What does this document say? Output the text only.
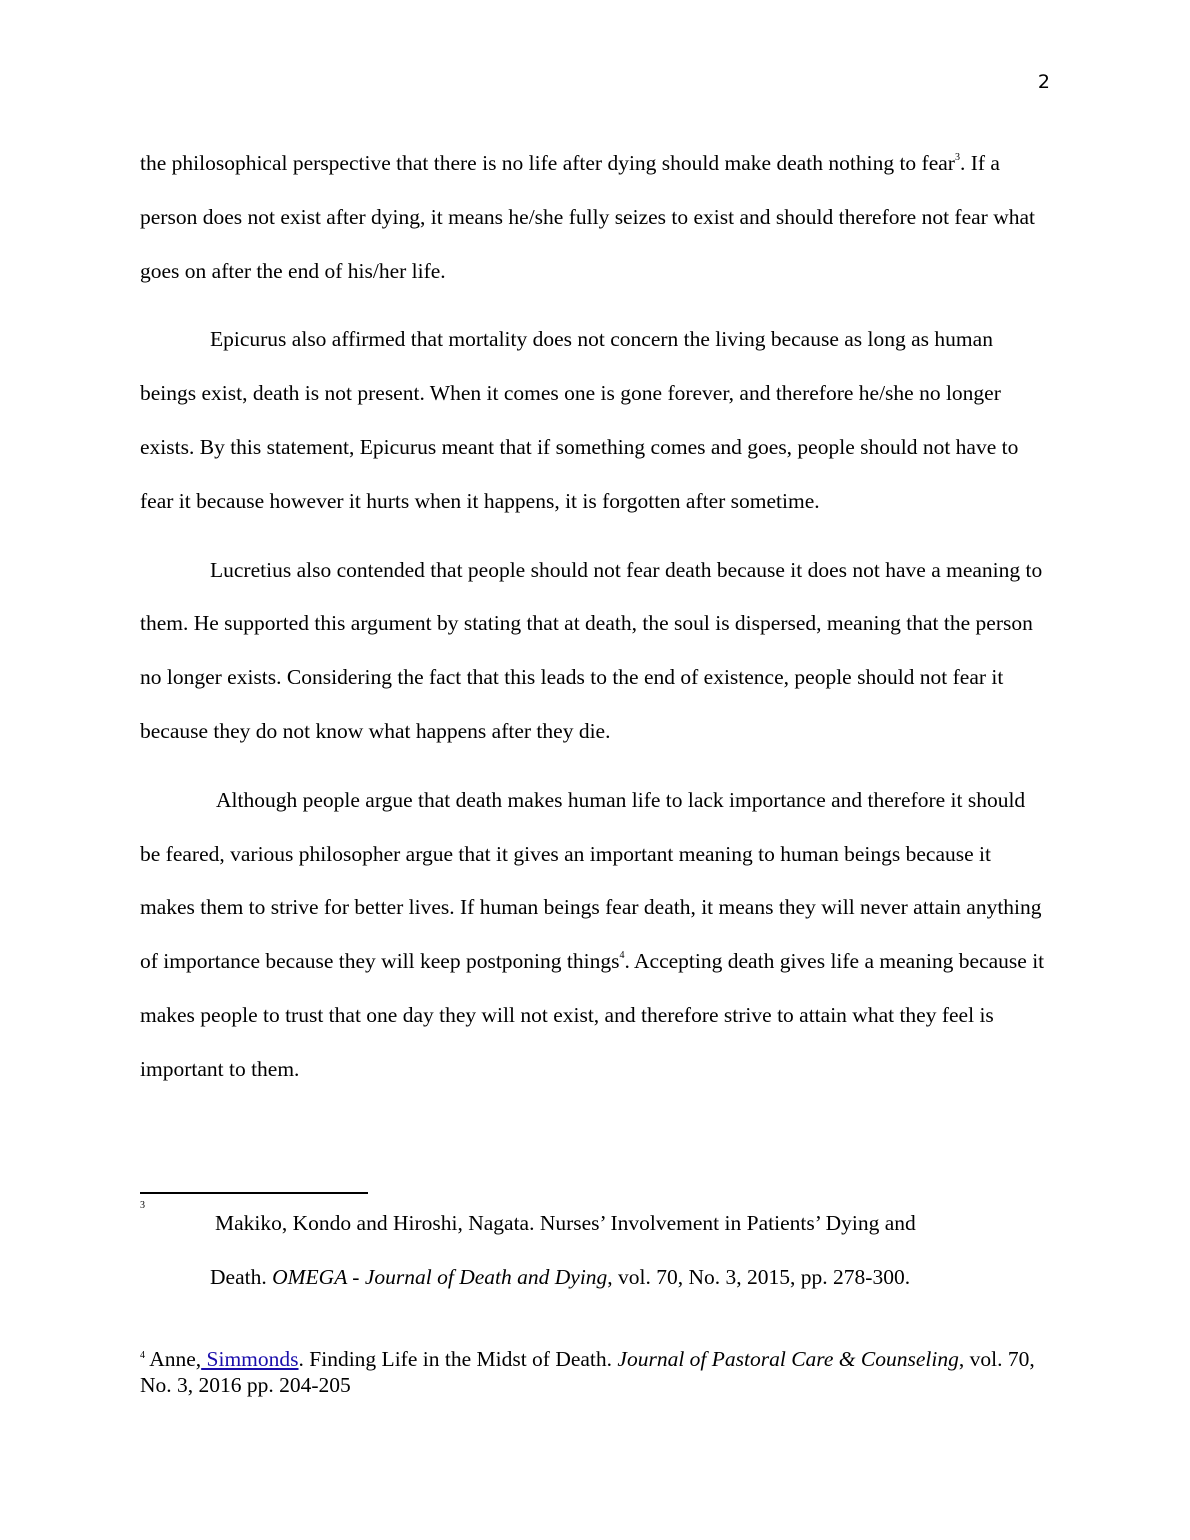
2

the philosophical perspective that there is no life after dying should make death nothing to fear$^3$. If a person does not exist after dying, it means he/she fully seizes to exist and should therefore not fear what goes on after the end of his/her life.

Epicurus also affirmed that mortality does not concern the living because as long as human beings exist, death is not present. When it comes one is gone forever, and therefore he/she no longer exists. By this statement, Epicurus meant that if something comes and goes, people should not have to fear it because however it hurts when it happens, it is forgotten after sometime.

Lucretius also contended that people should not fear death because it does not have a meaning to them. He supported this argument by stating that at death, the soul is dispersed, meaning that the person no longer exists. Considering the fact that this leads to the end of existence, people should not fear it because they do not know what happens after they die.

Although people argue that death makes human life to lack importance and therefore it should be feared, various philosopher argue that it gives an important meaning to human beings because it makes them to strive for better lives. If human beings fear death, it means they will never attain anything of importance because they will keep postponing things$^4$. Accepting death gives life a meaning because it makes people to trust that one day they will not exist, and therefore strive to attain what they feel is important to them.

3
Makiko, Kondo and Hiroshi, Nagata. Nurses’ Involvement in Patients’ Dying and
Death. OMEGA - Journal of Death and Dying, vol. 70, No. 3, 2015, pp. 278-300.
$^4$ Anne, Simmonds. Finding Life in the Midst of Death. Journal of Pastoral Care & Counseling, vol. 70, No. 3, 2016 pp. 204-205
